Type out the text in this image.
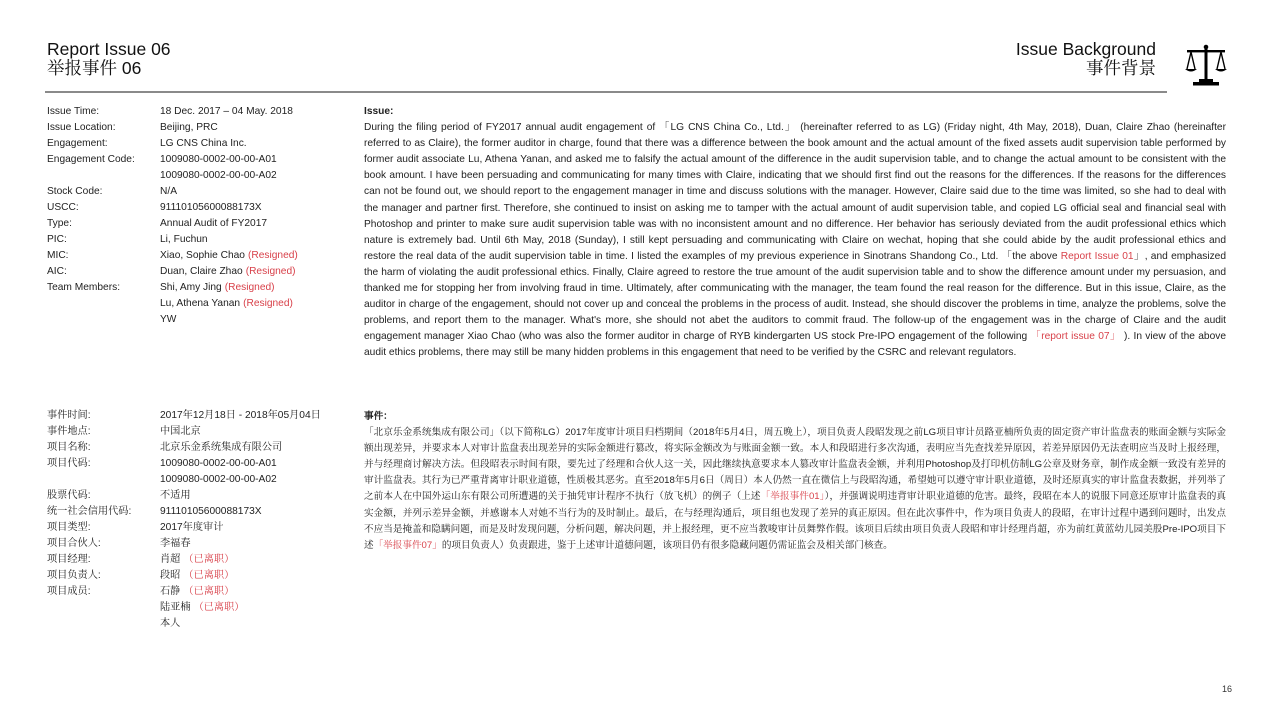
Report Issue 06
举报事件 06
Issue Background
事件背景
Issue Time:	18 Dec. 2017 – 04 May. 2018
Issue Location:	Beijing, PRC
Engagement:	LG CNS China Inc.
Engagement Code:	1009080-0002-00-00-A01
1009080-0002-00-00-A02
Stock Code:	N/A
USCC:	91110105600088173X
Type:	Annual Audit of FY2017
PIC:	Li, Fuchun
MIC:	Xiao, Sophie Chao (Resigned)
AIC:	Duan, Claire Zhao (Resigned)
Team Members:	Shi, Amy Jing (Resigned)
Lu, Athena Yanan (Resigned)
YW
事件时间:	2017年12月18日 - 2018年05月04日
事件地点:	中国北京
项目名称:	北京乐金系统集成有限公司
项目代码:	1009080-0002-00-00-A01
1009080-0002-00-00-A02
股票代码:	不适用
统一社会信用代码:	91110105600088173X
项目类型:	2017年度审计
项目合伙人:	李福春
项目经理:	肖超 （已离职）
项目负责人:	段昭 （已离职）
项目成员:	石静 （已离职）
陆亚楠 （已离职）
本人
Issue:

During the filing period of FY2017 annual audit engagement of 「LG CNS China Co., Ltd.」 (hereinafter referred to as LG) (Friday night, 4th May, 2018), Duan, Claire Zhao (hereinafter referred to as Claire), the former auditor in charge, found that there was a difference between the book amount and the actual amount of the fixed assets audit supervision table performed by former audit associate Lu, Athena Yanan, and asked me to falsify the actual amount of the difference in the audit supervision table, and to change the actual amount to be consistent with the book amount. I have been persuading and communicating for many times with Claire, indicating that we should first find out the reasons for the differences. If the reasons for the differences can not be found out, we should report to the engagement manager in time and discuss solutions with the manager. However, Claire said due to the time was limited, so she had to deal with the manager and partner first. Therefore, she continued to insist on asking me to tamper with the actual amount of audit supervision table, and copied LG official seal and financial seal with Photoshop and printer to make sure audit supervision table was with no inconsistent amount and no difference. Her behavior has seriously deviated from the audit professional ethics which nature is extremely bad. Until 6th May, 2018 (Sunday), I still kept persuading and communicating with Claire on wechat, hoping that she could abide by the audit professional ethics and restore the real data of the audit supervision table in time. I listed the examples of my previous experience in Sinotrans Shandong Co., Ltd. 「the above Report Issue 01」, and emphasized the harm of violating the audit professional ethics. Finally, Claire agreed to restore the true amount of the audit supervision table and to show the difference amount under my persuasion, and thanked me for stopping her from involving fraud in time. Ultimately, after communicating with the manager, the team found the real reason for the difference. But in this issue, Claire, as the auditor in charge of the engagement, should not cover up and conceal the problems in the process of audit. Instead, she should discover the problems in time, analyze the problems, solve the problems, and report them to the manager. What's more, she should not abet the auditors to commit fraud. The follow-up of the engagement was in the charge of Claire and the audit engagement manager Xiao Chao (who was also the former auditor in charge of RYB kindergarten US stock Pre-IPO engagement of the following 「report issue 07」 ). In view of the above audit ethics problems, there may still be many hidden problems in this engagement that need to be verified by the CSRC and relevant regulators.

事件：

「北京乐金系统集成有限公司」（以下简称LG）2017年度审计项目归档期间（2018年5月4日，周五晚上），项目负责人段昭发现之前LG项目审计员路亚楠所负责的固定资产审计监盘表的账面金额与实际金额出现差异，并要求本人对审计监盘表出现差异的实际金额进行篡改，将实际金额改为与账面金额一致。本人和段昭进行多次沟通，表明应当先查找差异原因，若差异原因仍无法查明应当及时上报经理，并与经理商讨解决方法。但段昭表示时间有限，要先过了经理和合伙人这一关，因此继续执意要求本人篡改审计监盘表金额，并利用Photoshop及打印机仿制LG公章及财务章，制作成金额一致没有差异的审计监盘表。其行为已严重背离审计职业道德，性质极其恶劣。直至2018年5月6日（周日）本人仍然一直在微信上与段昭沟通，希望她可以遵守审计职业道德，及时还原真实的审计监盘表数据，并列举了之前本人在中国外运山东有限公司所遭遇的关于抽凭审计程序不执行（放飞机）的例子（上述「举报事件01」），并强调说明违背审计职业道德的危害。最终，段昭在本人的说服下同意还原审计监盘表的真实金额，并列示差异金额，并感谢本人对她不当行为的及时制止。最后，在与经理沟通后，项目组也发现了差异的真正原因。但在此次事件中，作为项目负责人的段昭，在审计过程中遇到问题时，出发点不应当是掩盖和隐瞒问题，而是及时发现问题，分析问题，解决问题，并上报经理，更不应当教唆审计员舞弊作假。该项目后续由项目负责人段昭和审计经理肖超，亦为前红黄蓝幼儿园美股Pre-IPO项目下述「举报事件07」的项目负责人）负责跟进，鉴于上述审计道德问题，该项目仍有很多隐藏问题仍需证监会及相关部门核查。

16
